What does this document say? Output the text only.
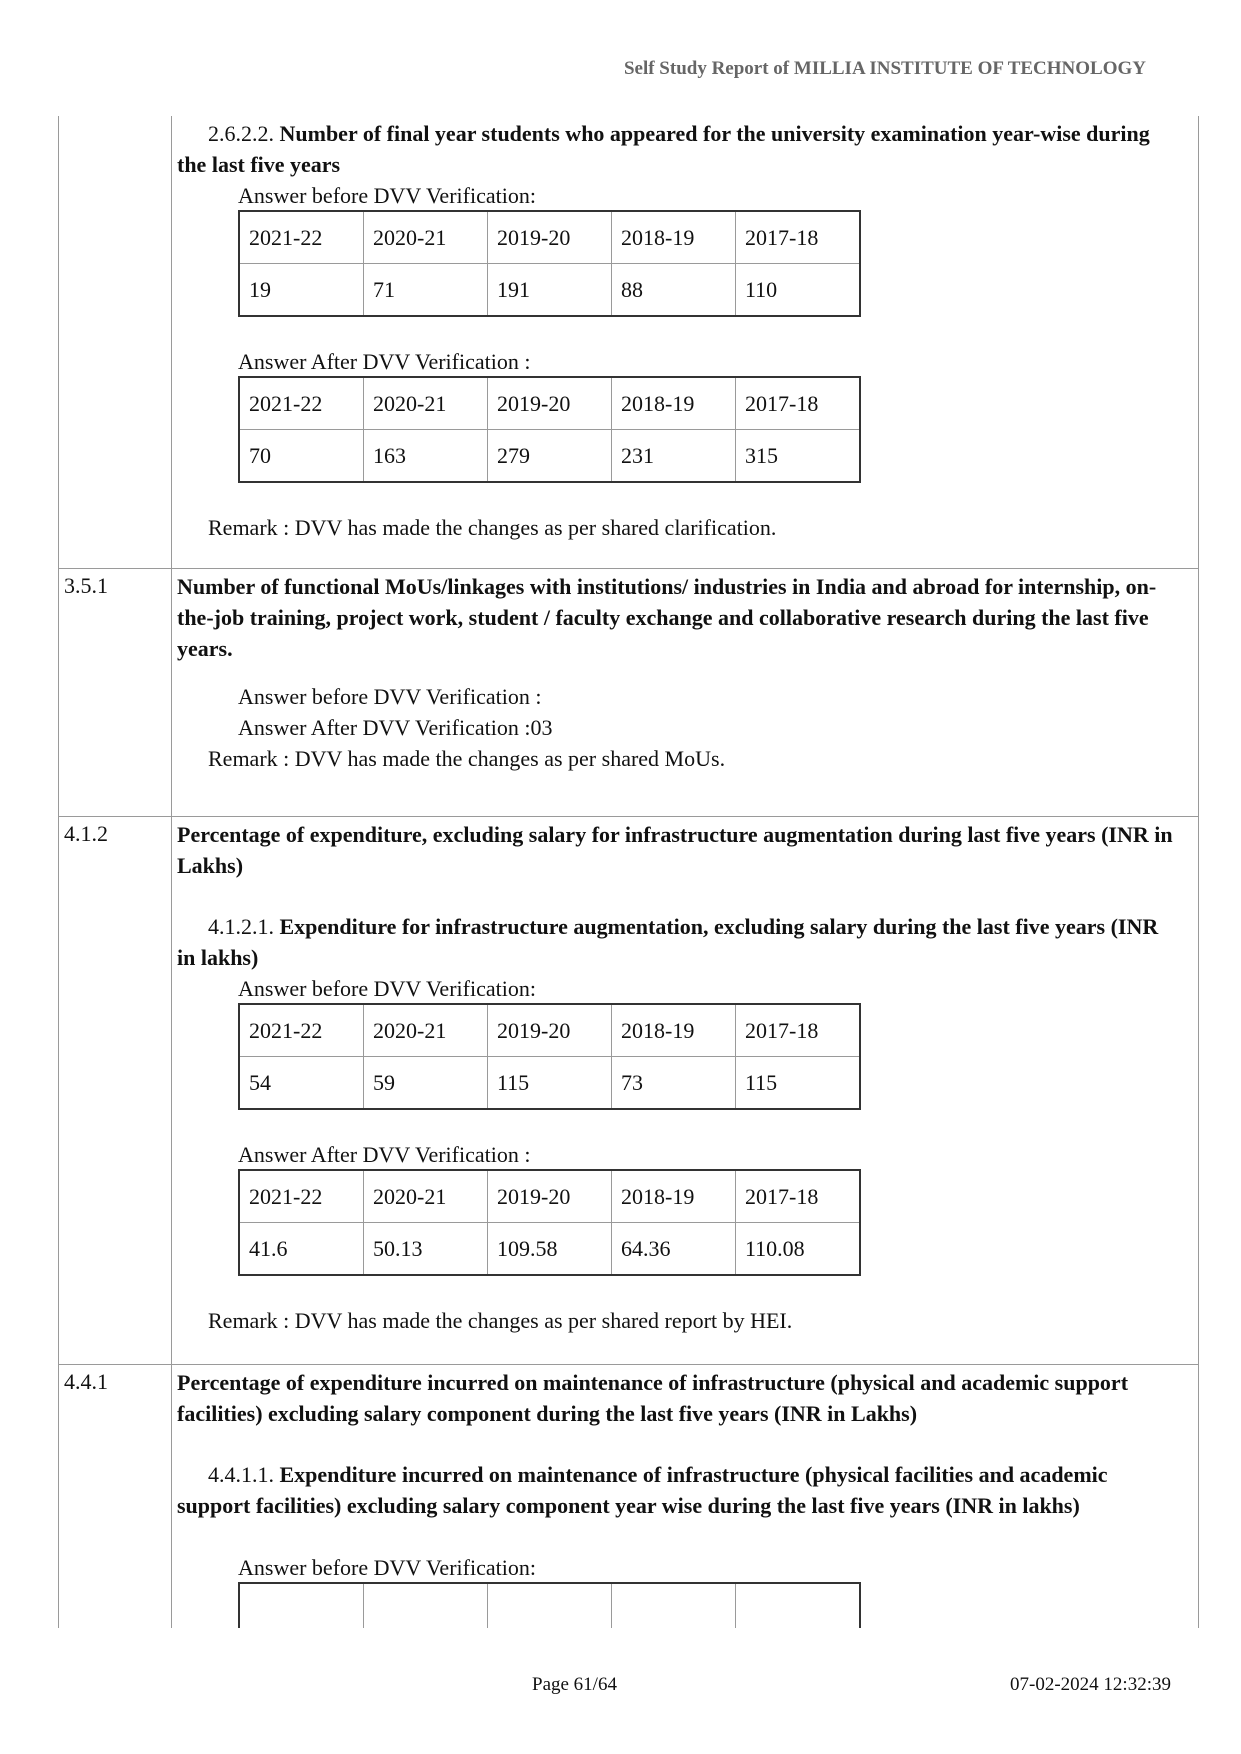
Self Study Report of MILLIA INSTITUTE OF TECHNOLOGY
2.6.2.2. Number of final year students who appeared for the university examination year-wise during the last five years
Answer before DVV Verification:
2021-22	2020-21	2019-20	2018-19	2017-18
19	71	191	88	110
Answer After DVV Verification :
2021-22	2020-21	2019-20	2018-19	2017-18
70	163	279	231	315
Remark : DVV has made the changes as per shared clarification.
3.5.1	Number of functional MoUs/linkages with institutions/ industries in India and abroad for internship, on-the-job training, project work, student / faculty exchange and collaborative research during the last five years.
Answer before DVV Verification :
Answer After DVV Verification :03
Remark : DVV has made the changes as per shared MoUs.
4.1.2	Percentage of expenditure, excluding salary for infrastructure augmentation during last five years (INR in Lakhs)
4.1.2.1. Expenditure for infrastructure augmentation, excluding salary during the last five years (INR in lakhs)
Answer before DVV Verification:
2021-22	2020-21	2019-20	2018-19	2017-18
54	59	115	73	115
Answer After DVV Verification :
2021-22	2020-21	2019-20	2018-19	2017-18
41.6	50.13	109.58	64.36	110.08
Remark : DVV has made the changes as per shared report by HEI.
4.4.1	Percentage of expenditure incurred on maintenance of infrastructure (physical and academic support facilities) excluding salary component during the last five years (INR in Lakhs)
4.4.1.1. Expenditure incurred on maintenance of infrastructure (physical facilities and academic support facilities) excluding salary component year wise during the last five years (INR in lakhs)
Answer before DVV Verification:

Page 61/64	07-02-2024 12:32:39
